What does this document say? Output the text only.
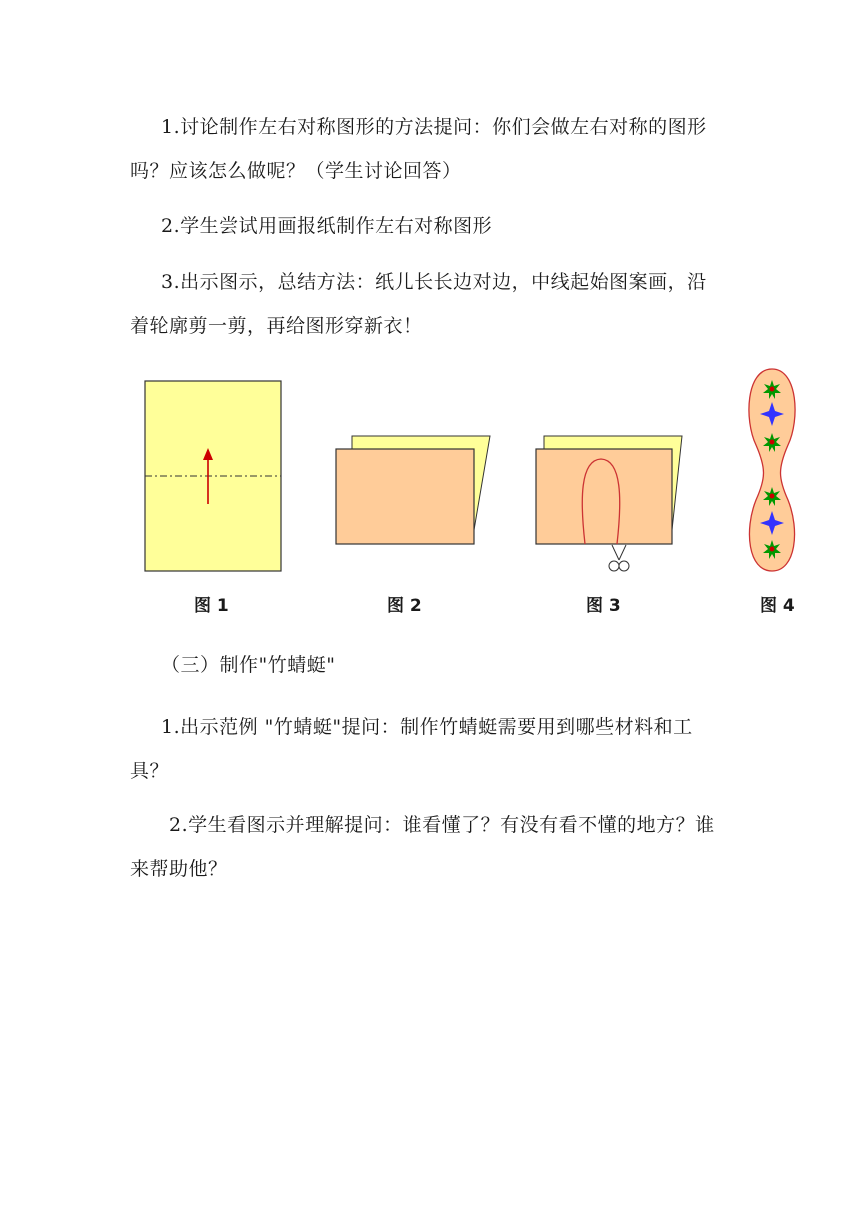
1.讨论制作左右对称图形的方法提问：你们会做左右对称的图形
吗？应该怎么做呢？（学生讨论回答）
2.学生尝试用画报纸制作左右对称图形
3.出示图示，总结方法：纸儿长长边对边，中线起始图案画，沿
着轮廓剪一剪，再给图形穿新衣！
图 1	图 2	图 3	图 4
（三）制作"竹蜻蜓"
1.出示范例 "竹蜻蜓"提问：制作竹蜻蜓需要用到哪些材料和工
具？
2.学生看图示并理解提问：谁看懂了？有没有看不懂的地方？谁
来帮助他？
